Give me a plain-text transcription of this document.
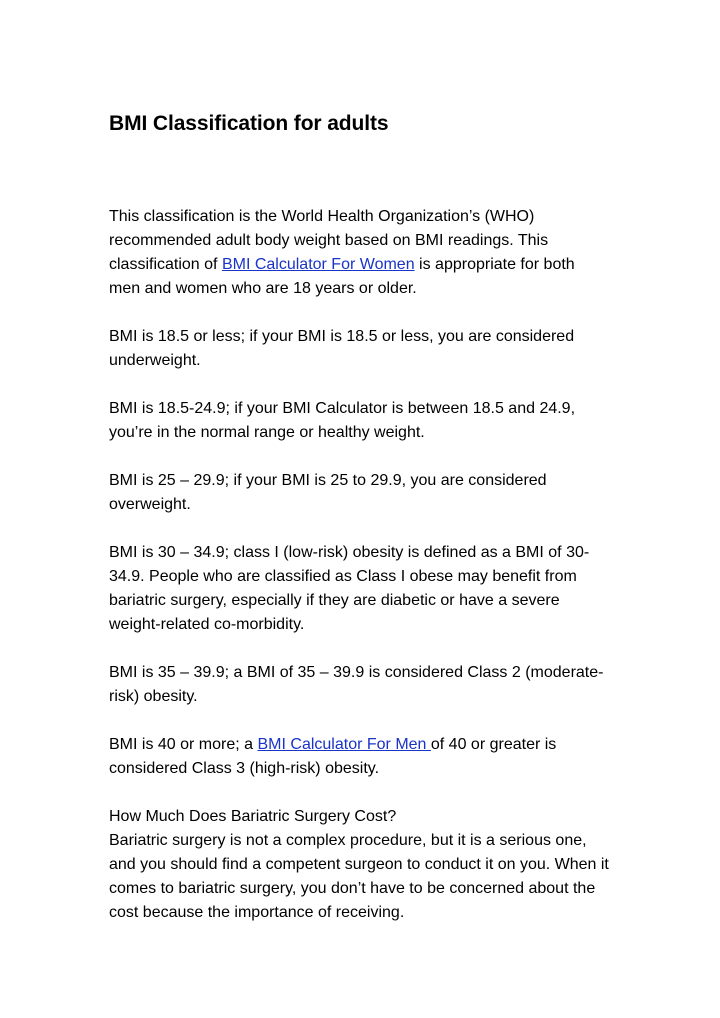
BMI Classification for adults

This classification is the World Health Organization’s (WHO) recommended adult body weight based on BMI readings. This classification of BMI Calculator For Women is appropriate for both men and women who are 18 years or older.

BMI is 18.5 or less; if your BMI is 18.5 or less, you are considered underweight.

BMI is 18.5-24.9; if your BMI Calculator is between 18.5 and 24.9, you’re in the normal range or healthy weight.

BMI is 25 – 29.9; if your BMI is 25 to 29.9, you are considered overweight.

BMI is 30 – 34.9; class I (low-risk) obesity is defined as a BMI of 30-34.9. People who are classified as Class I obese may benefit from bariatric surgery, especially if they are diabetic or have a severe weight-related co-morbidity.

BMI is 35 – 39.9; a BMI of 35 – 39.9 is considered Class 2 (moderate-risk) obesity.

BMI is 40 or more; a BMI Calculator For Men of 40 or greater is considered Class 3 (high-risk) obesity.

How Much Does Bariatric Surgery Cost?

Bariatric surgery is not a complex procedure, but it is a serious one, and you should find a competent surgeon to conduct it on you. When it comes to bariatric surgery, you don’t have to be concerned about the cost because the importance of receiving.
